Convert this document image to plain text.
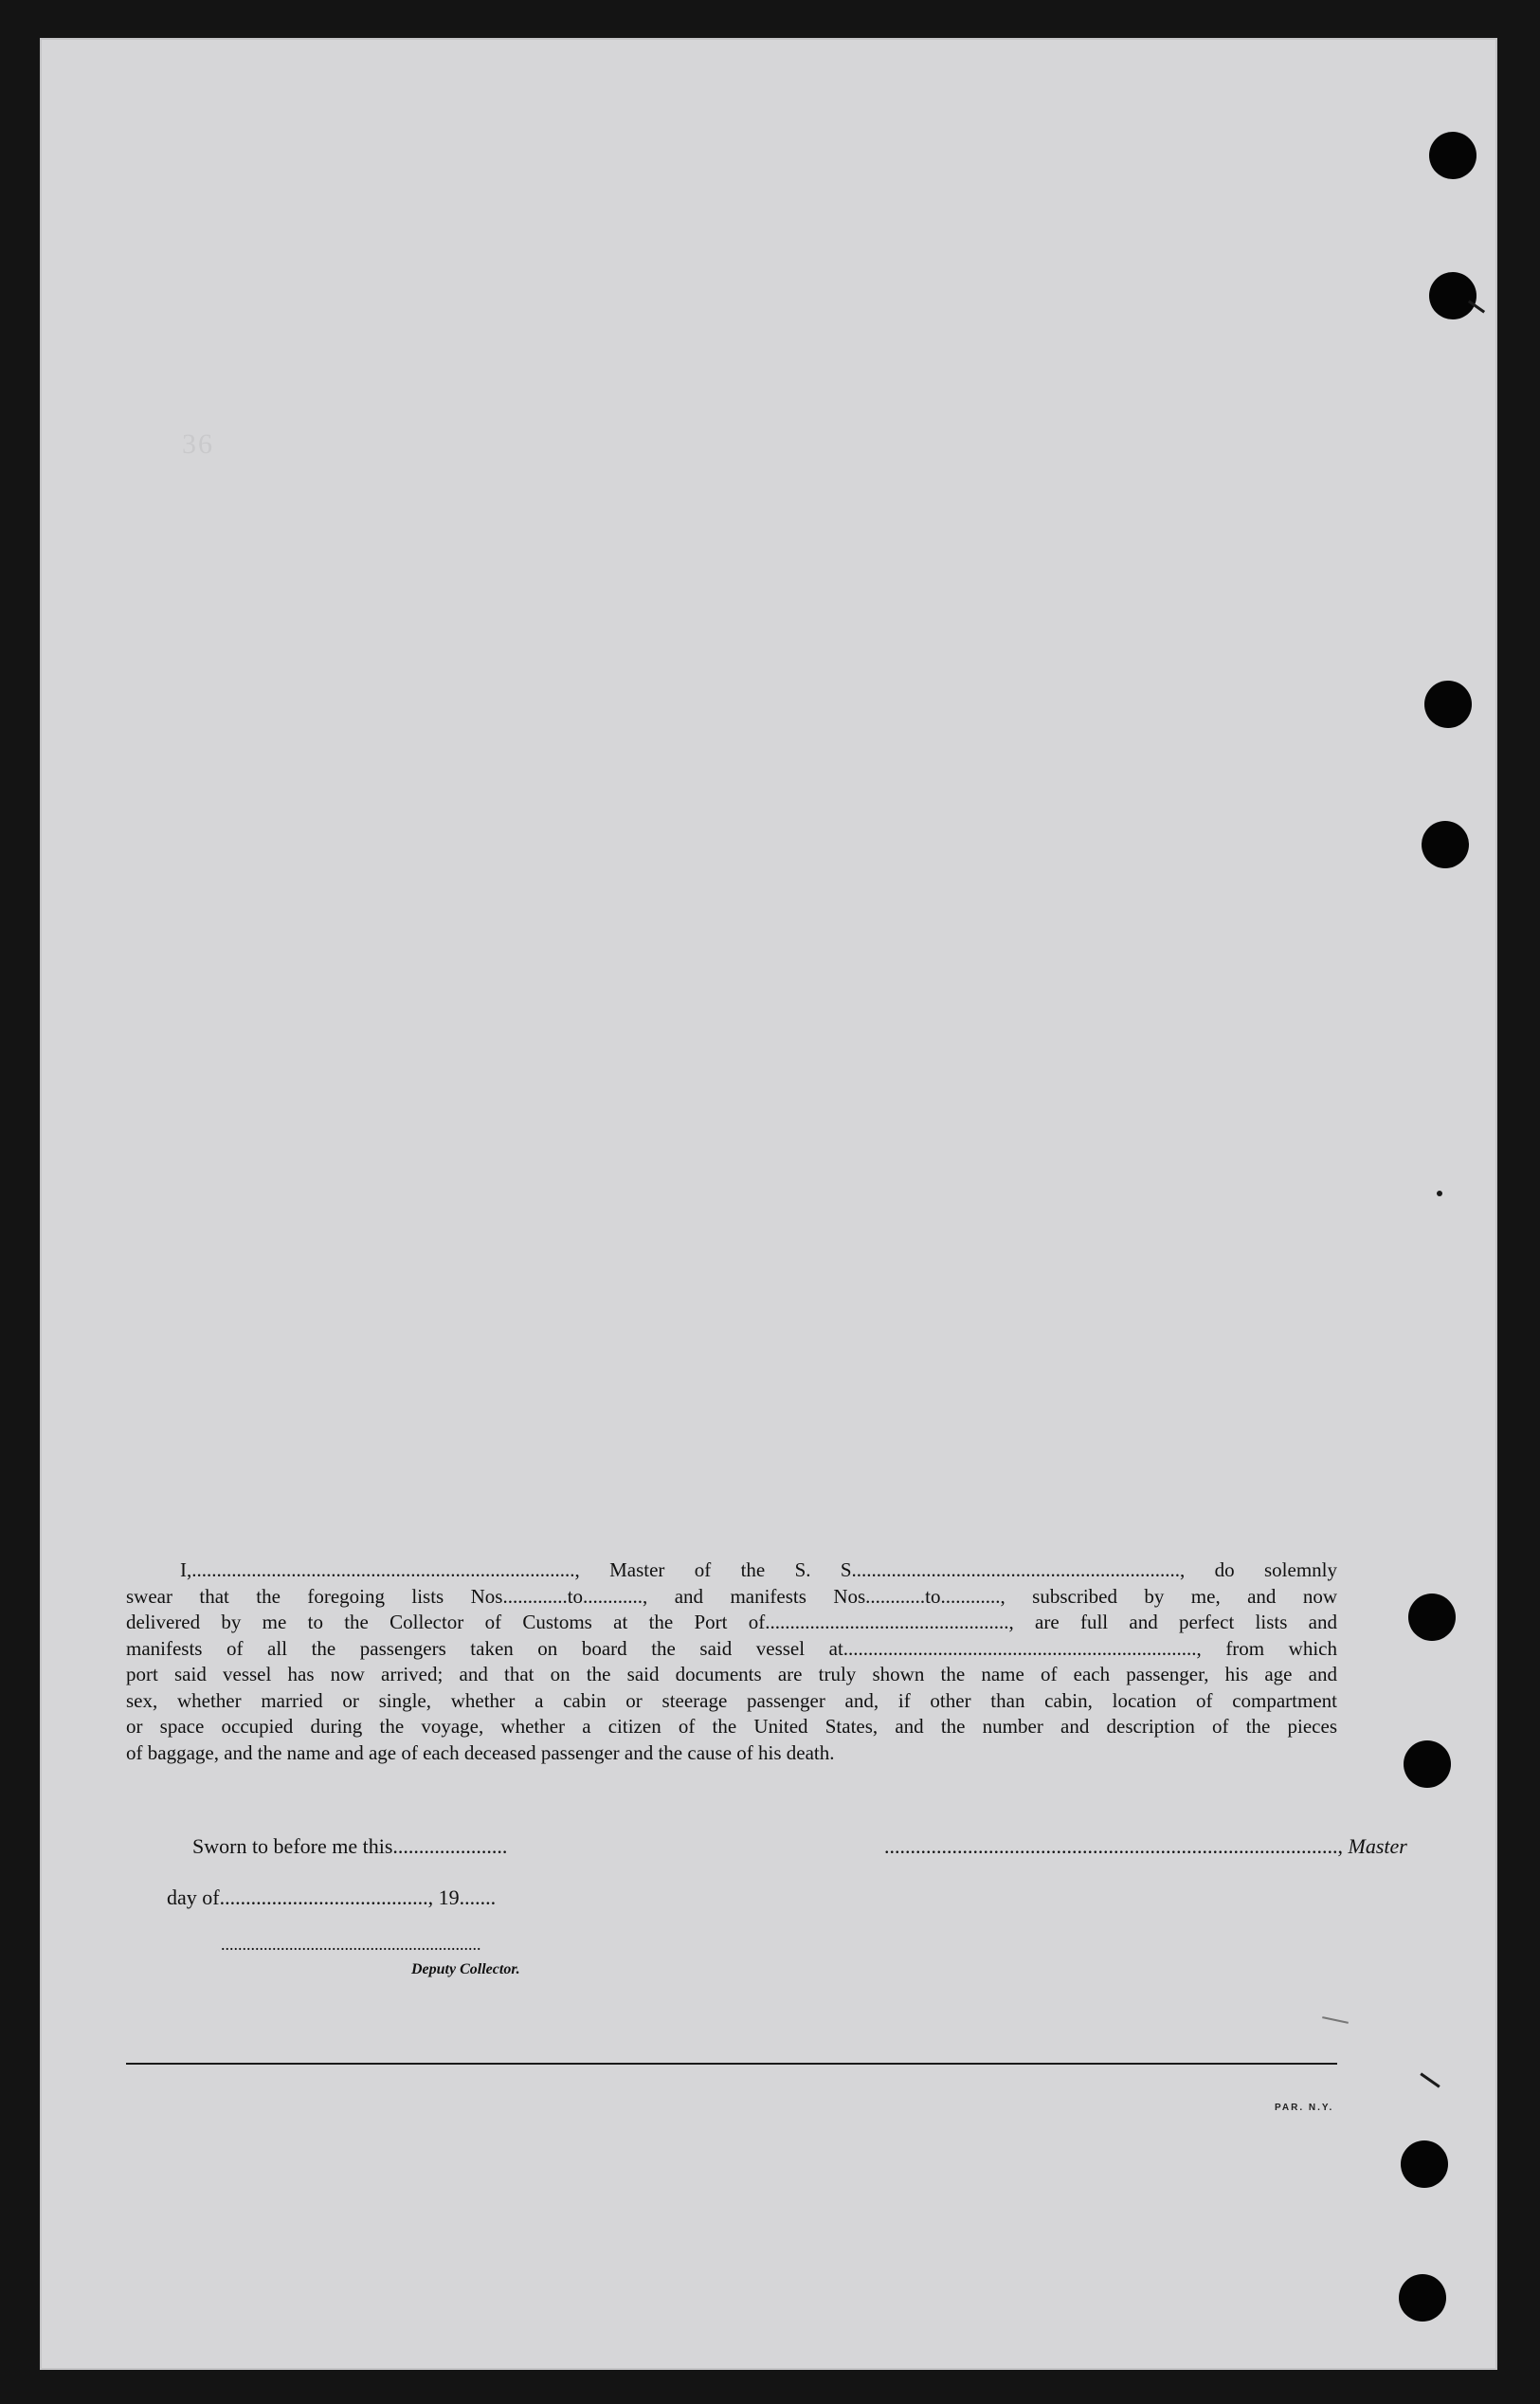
36
I,............................................................................., Master of the S. S.................................................................., do solemnly
swear that the foregoing lists Nos.............to............, and manifests Nos............to............, subscribed by me, and now
delivered by me to the Collector of Customs at the Port of................................................., are full and perfect lists and
manifests of all the passengers taken on board the said vessel at......................................................................., from which
port said vessel has now arrived; and that on the said documents are truly shown the name of each passenger, his age and
sex, whether married or single, whether a cabin or steerage passenger and, if other than cabin, location of compartment
or space occupied during the voyage, whether a citizen of the United States, and the number and description of the pieces
of baggage, and the name and age of each deceased passenger and the cause of his death.
Sworn to before me this......................	......................................................................................., Master
day of........................................, 19.......
.............................................................
Deputy Collector.
PAR. N.Y.
